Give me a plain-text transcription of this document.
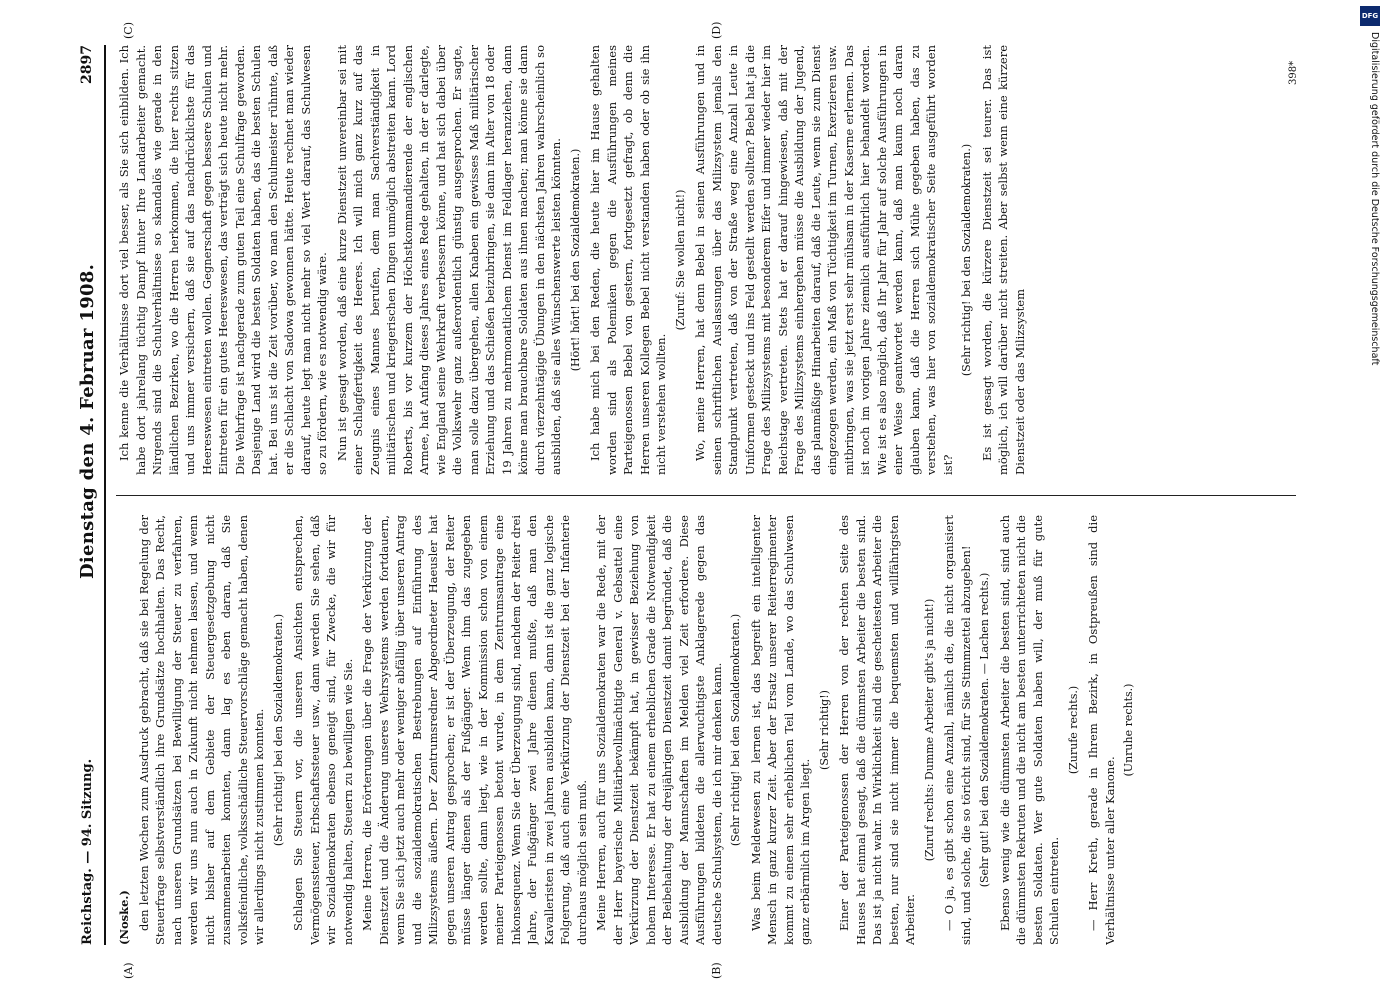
Reichstag. — 94. Sitzung.
Dienstag den 4. Februar 1908.
2897
(A)	(B)
(C)	(D)

(Noske.) den letzten Wochen zum Ausdruck gebracht, daß sie bei Regelung der Steuerfrage selbstverständlich ihre Grundsätze hochhalten. Das Recht, nach unseren Grundsätzen bei Bewilligung der Steuer zu verfahren, werden wir uns nun auch in Zukunft nicht nehmen lassen, und wenn nicht bisher auf dem Gebiete der Steuergesetzgebung nicht zusammenarbeiten konnten, dann lag es eben daran, daß Sie volksfeindliche, volksschädliche Steuervorschläge gemacht haben, denen wir allerdings nicht zustimmen konnten. (Sehr richtig! bei den Sozialdemokraten.) Schlagen Sie Steuern vor, die unseren Ansichten entsprechen, Vermögenssteuer, Erbschaftssteuer usw., dann werden Sie sehen, daß wir Sozialdemokraten ebenso geneigt sind, für Zwecke, die wir für notwendig halten, Steuern zu bewilligen wie Sie. Meine Herren, die Erörterungen über die Frage der Verkürzung der Dienstzeit und die Änderung unseres Wehrsystems werden fortdauern, wenn Sie sich jetzt auch mehr oder weniger abfällig über unseren Antrag und die sozialdemokratischen Bestrebungen auf Einführung des Milizsystems äußern. Der Zentrumsredner Abgeordneter Haeusler hat gegen unseren Antrag gesprochen; er ist der Überzeugung, der Reiter müsse länger dienen als der Fußgänger. Wenn ihm das zugegeben werden sollte, dann liegt, wie in der Kommission schon von einem meiner Parteigenossen betont wurde, in dem Zentrumsantrage eine Inkonsequenz. Wenn Sie der Überzeugung sind, nachdem der Reiter drei Jahre, der Fußgänger zwei Jahre dienen mußte, daß man den Kavalleristen in zwei Jahren ausbilden kann, dann ist die ganz logische Folgerung, daß auch eine Verkürzung der Dienstzeit bei der Infanterie durchaus möglich sein muß. Meine Herren, auch für uns Sozialdemokraten war die Rede, mit der der Herr bayerische Militärbevollmächtigte General v. Gebsattel eine Verkürzung der Dienstzeit bekämpft hat, in gewisser Beziehung von hohem Interesse. Er hat zu einem erheblichen Grade die Notwendigkeit der Beibehaltung der dreijährigen Dienstzeit damit begründet, daß die Ausbildung der Mannschaften im Melden viel Zeit erfordere. Diese Ausführungen bildeten die allerwuchtigste Anklagerede gegen das deutsche Schulsystem, die ich mir denken kann. (Sehr richtig! bei den Sozialdemokraten.) Was beim Meldewesen zu lernen ist, das begreift ein intelligenter Mensch in ganz kurzer Zeit. Aber der Ersatz unserer Reiterregimenter kommt zu einem sehr erheblichen Teil vom Lande, wo das Schulwesen ganz erbärmlich im Argen liegt.

(Sehr richtig!) Einer der Parteigenossen der Herren von der rechten Seite des Hauses hat einmal gesagt, daß die dümmsten Arbeiter die besten sind. Das ist ja nicht wahr. In Wirklichkeit sind die gescheitesten Arbeiter die besten, nur sind sie nicht immer die bequemsten und willfährigsten Arbeiter.

(Zuruf rechts: Dumme Arbeiter gibt's ja nicht!) — O ja, es gibt schon eine Anzahl, nämlich die, die nicht organisiert sind, und solche, die so töricht sind, für Sie Stimmzettel abzugeben! (Sehr gut! bei den Sozialdemokraten. — Lachen rechts.) Ebenso wenig wie die dümmsten Arbeiter die besten sind, sind auch die dümmsten Rekruten und die nicht am besten unterrichteten nicht die besten Soldaten. Wer gute Soldaten haben will, der muß für gute Schulen eintreten.

(Zurufe rechts.) — Herr Kreth, gerade in Ihrem Bezirk, in Ostpreußen sind die Verhältnisse unter aller Kanone.

(Unruhe rechts.)

Ich kenne die Verhältnisse dort viel besser, als Sie sich einbilden. Ich habe dort jahrelang tüchtig Dampf hinter Ihre Landarbeiter gemacht. Nirgends sind die Schulverhältnisse so skandalös wie gerade in den ländlichen Bezirken, wo die Herren herkommen, die hier rechts sitzen und uns immer versichern, daß sie auf das nachdrücklichste für das Heereswesen eintreten wollen. Gegnerschaft gegen bessere Schulen und Eintreten für ein gutes Heereswesen, das verträgt sich heute nicht mehr. Die Wehrfrage ist nachgerade zum guten Teil eine Schulfrage geworden. Dasjenige Land wird die besten Soldaten haben, das die besten Schulen hat. Bei uns ist die Zeit vorüber, wo man den Schulmeister rühmte, daß er die Schlacht von Sadowa gewonnen hätte. Heute rechnet man wieder darauf, heute legt man nicht mehr so viel Wert darauf, das Schulwesen so zu fördern, wie es notwendig wäre. Nun ist gesagt worden, daß eine kurze Dienstzeit unvereinbar sei mit einer Schlagfertigkeit des Heeres. Ich will mich ganz kurz auf das Zeugnis eines Mannes berufen, dem man Sachverständigkeit in militärischen und kriegerischen Dingen unmöglich abstreiten kann. Lord Roberts, bis vor kurzem der Höchstkommandierende der englischen Armee, hat Anfang dieses Jahres eines Rede gehalten, in der er darlegte, wie England seine Wehrkraft verbessern könne, und hat sich dabei über die Volkswehr ganz außerordentlich günstig ausgesprochen. Er sagte, man solle dazu übergehen, allen Knaben ein gewisses Maß militärischer Erziehung und das Schießen beizubringen, sie dann im Alter von 18 oder 19 Jahren zu mehrmonatlichem Dienst im Feldlager heranziehen, dann könne man brauchbare Soldaten aus ihnen machen; man könne sie dann durch vierzehntägige Übungen in den nächsten Jahren wahrscheinlich so ausbilden, daß sie alles Wünschenswerte leisten könnten. (Hört! hört! bei den Sozialdemokraten.) Ich habe mich bei den Reden, die heute hier im Hause gehalten worden sind als Polemiken gegen die Ausführungen meines Parteigenossen Bebel von gestern, fortgesetzt gefragt, ob denn die Herren unseren Kollegen Bebel nicht verstanden haben oder ob sie ihn nicht verstehen wollten.

(Zuruf: Sie wollen nicht!) Wo, meine Herren, hat denn Bebel in seinen Ausführungen und in seinen schriftlichen Auslassungen über das Milizsystem jemals den Standpunkt vertreten, daß von der Straße weg eine Anzahl Leute in Uniformen gesteckt und ins Feld gestellt werden sollten? Bebel hat ja die Frage des Milizsystems mit besonderem Eifer und immer wieder hier im Reichstage vertreten. Stets hat er darauf hingewiesen, daß mit der Frage des Milizsystems einhergehen müsse die Ausbildung der Jugend, das planmäßige Hinarbeiten darauf, daß die Leute, wenn sie zum Dienst eingezogen werden, ein Maß von Tüchtigkeit im Turnen, Exerzieren usw. mitbringen, was sie jetzt erst sehr mühsam in der Kaserne erlernen. Das ist noch im vorigen Jahre ziemlich ausführlich hier behandelt worden. Wie ist es also möglich, daß Ihr Jahr für Jahr auf solche Ausführungen in einer Weise geantwortet werden kann, daß man kaum noch daran glauben kann, daß die Herren sich Mühe gegeben haben, das zu verstehen, was hier von sozialdemokratischer Seite ausgeführt worden ist?

(Sehr richtig! bei den Sozialdemokraten.) Es ist gesagt worden, die kürzere Dienstzeit sei teurer. Das ist möglich, ich will darüber nicht streiten. Aber selbst wenn eine kürzere Dienstzeit oder das Milizsystem

398*
DFG
Digitalisierung gefördert durch die Deutsche Forschungsgemeinschaft
